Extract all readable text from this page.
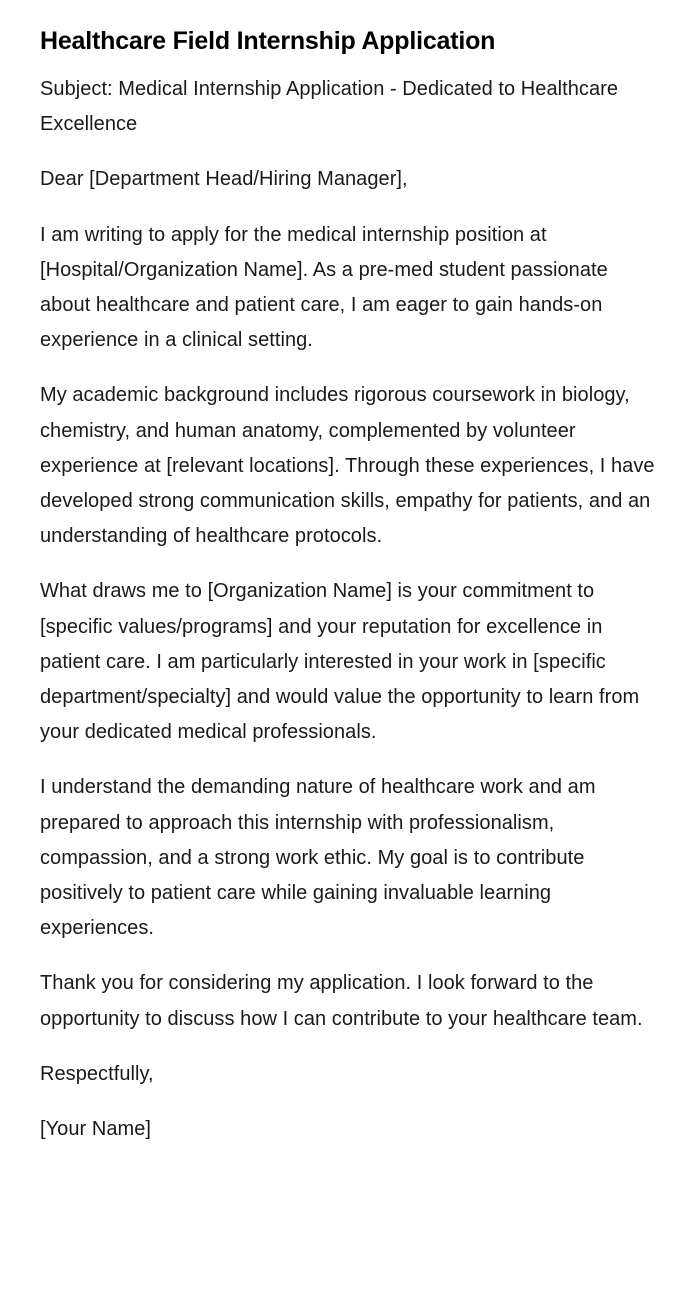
Healthcare Field Internship Application

Subject: Medical Internship Application - Dedicated to Healthcare Excellence

Dear [Department Head/Hiring Manager],

I am writing to apply for the medical internship position at [Hospital/Organization Name]. As a pre-med student passionate about healthcare and patient care, I am eager to gain hands-on experience in a clinical setting.

My academic background includes rigorous coursework in biology, chemistry, and human anatomy, complemented by volunteer experience at [relevant locations]. Through these experiences, I have developed strong communication skills, empathy for patients, and an understanding of healthcare protocols.

What draws me to [Organization Name] is your commitment to [specific values/programs] and your reputation for excellence in patient care. I am particularly interested in your work in [specific department/specialty] and would value the opportunity to learn from your dedicated medical professionals.

I understand the demanding nature of healthcare work and am prepared to approach this internship with professionalism, compassion, and a strong work ethic. My goal is to contribute positively to patient care while gaining invaluable learning experiences.

Thank you for considering my application. I look forward to the opportunity to discuss how I can contribute to your healthcare team.

Respectfully,

[Your Name]
